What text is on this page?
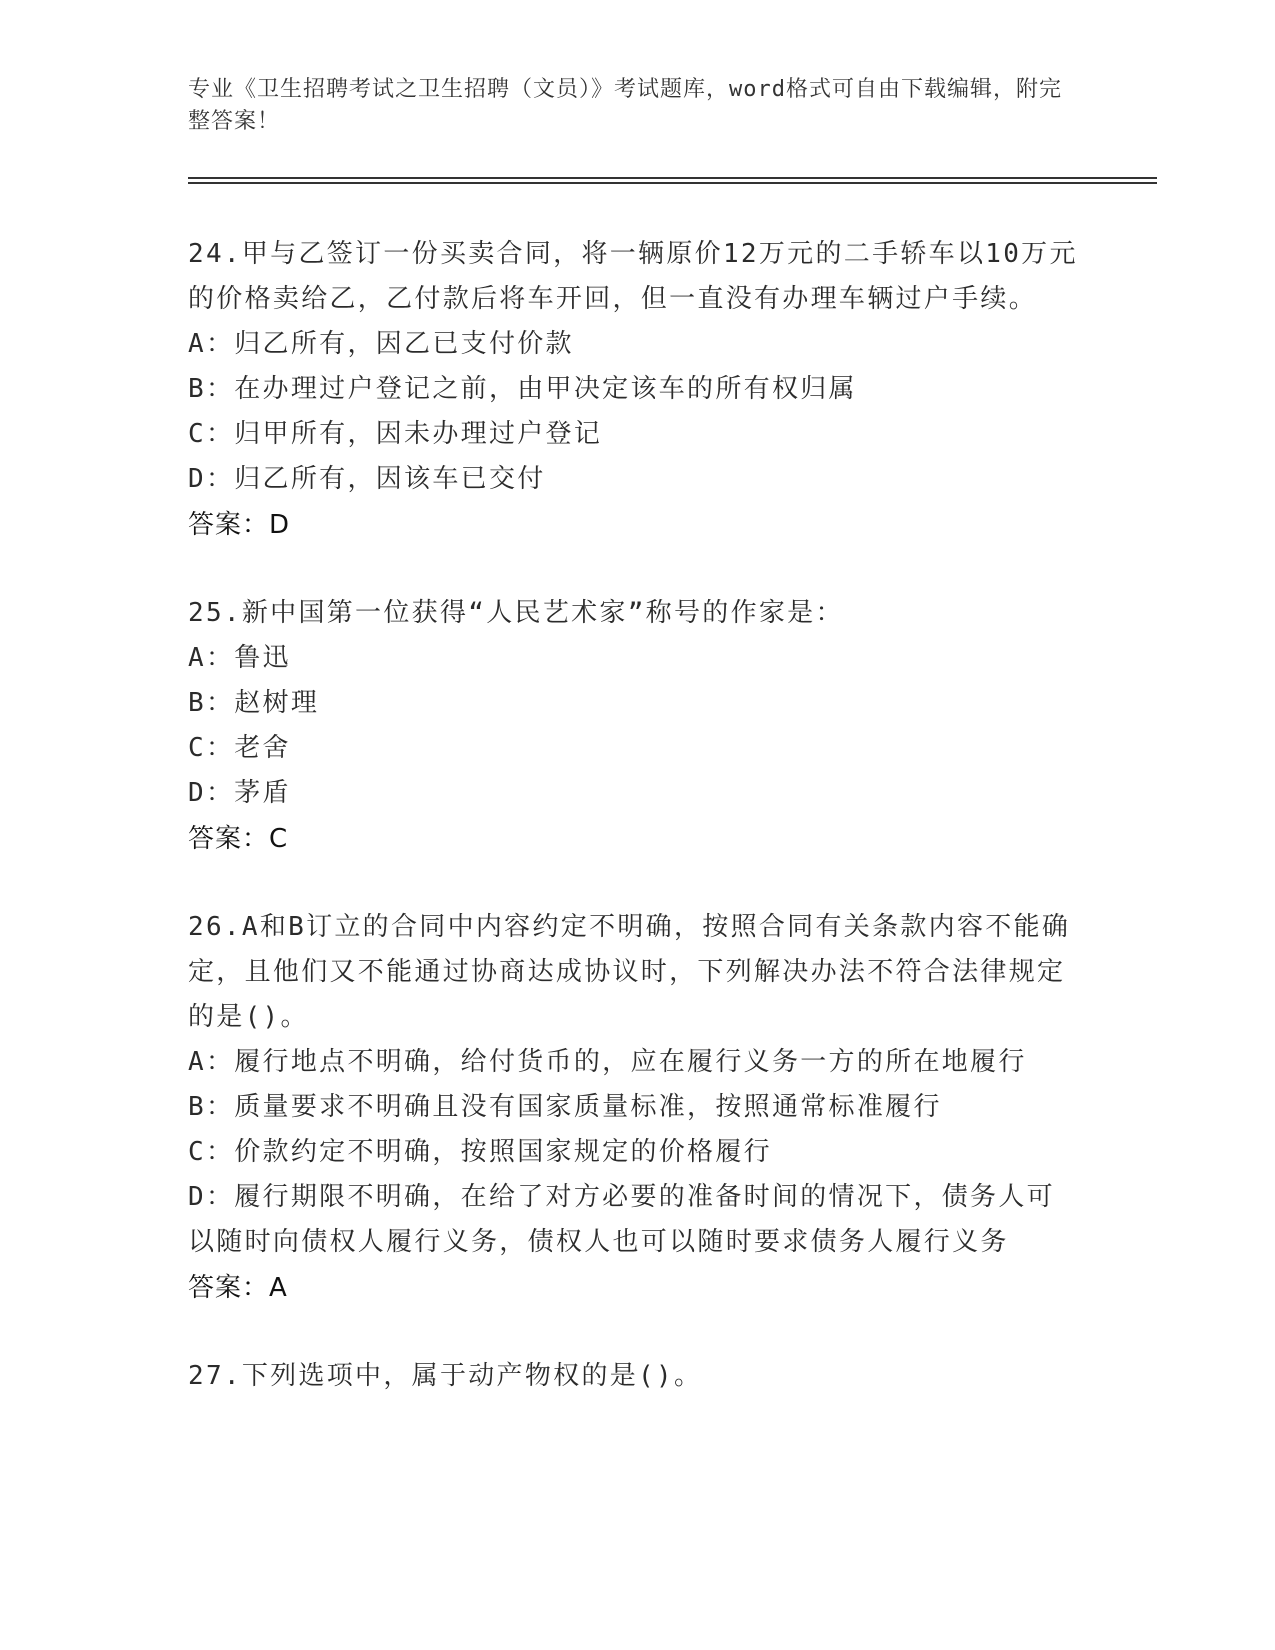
专业《卫生招聘考试之卫生招聘（文员）》考试题库，word格式可自由下载编辑，附完整答案！
24.甲与乙签订一份买卖合同，将一辆原价12万元的二手轿车以10万元的价格卖给乙，乙付款后将车开回，但一直没有办理车辆过户手续。
A：归乙所有，因乙已支付价款
B：在办理过户登记之前，由甲决定该车的所有权归属
C：归甲所有，因未办理过户登记
D：归乙所有，因该车已交付
答案：D
25.新中国第一位获得“人民艺术家”称号的作家是：
A：鲁迅
B：赵树理
C：老舍
D：茅盾
答案：C
26.A和B订立的合同中内容约定不明确，按照合同有关条款内容不能确定，且他们又不能通过协商达成协议时，下列解决办法不符合法律规定的是()。
A：履行地点不明确，给付货币的，应在履行义务一方的所在地履行
B：质量要求不明确且没有国家质量标准，按照通常标准履行
C：价款约定不明确，按照国家规定的价格履行
D：履行期限不明确，在给了对方必要的准备时间的情况下，债务人可以随时向债权人履行义务，债权人也可以随时要求债务人履行义务
答案：A
27.下列选项中，属于动产物权的是()。
